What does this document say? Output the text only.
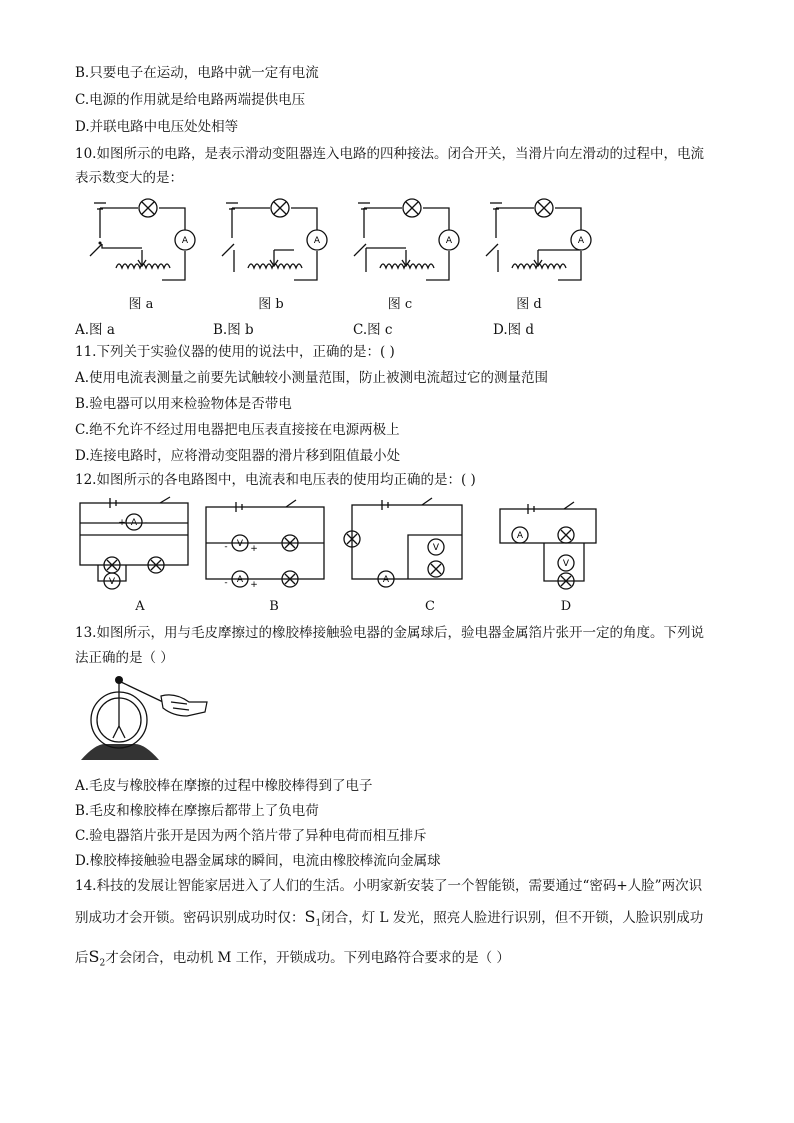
B.只要电子在运动，电路中就一定有电流
C.电源的作用就是给电路两端提供电压
D.并联电路中电压处处相等
10.如图所示的电路，是表示滑动变阻器连入电路的四种接法。闭合开关，当滑片向左滑动的过程中，电流
表示数变大的是：
A	A	A	A
图 a	图 b	图 c	图 d
A.图 a	B.图 b	C.图 c	D.图 d
11.下列关于实验仪器的使用的说法中，正确的是：( )
A.使用电流表测量之前要先试触较小测量范围，防止被测电流超过它的测量范围
B.验电器可以用来检验物体是否带电
C.绝不允许不经过用电器把电压表直接接在电源两极上
D.连接电路时，应将滑动变阻器的滑片移到阻值最小处
12.如图所示的各电路图中，电流表和电压表的使用均正确的是：( )
A
+ -
V
V
-	+
A
-	+
V
A
A
V
A	B	C	D
13.如图所示，用与毛皮摩擦过的橡胶棒接触验电器的金属球后，验电器金属箔片张开一定的角度。下列说
法正确的是（ ）
A.毛皮与橡胶棒在摩擦的过程中橡胶棒得到了电子
B.毛皮和橡胶棒在摩擦后都带上了负电荷
C.验电器箔片张开是因为两个箔片带了异种电荷而相互排斥
D.橡胶棒接触验电器金属球的瞬间，电流由橡胶棒流向金属球
14.科技的发展让智能家居进入了人们的生活。小明家新安装了一个智能锁，需要通过“密码+人脸”两次识
别成功才会开锁。密码识别成功时仅：$S_1$闭合，灯 L 发光，照亮人脸进行识别，但不开锁，人脸识别成功
后$S_2$才会闭合，电动机 M 工作，开锁成功。下列电路符合要求的是（ ）
